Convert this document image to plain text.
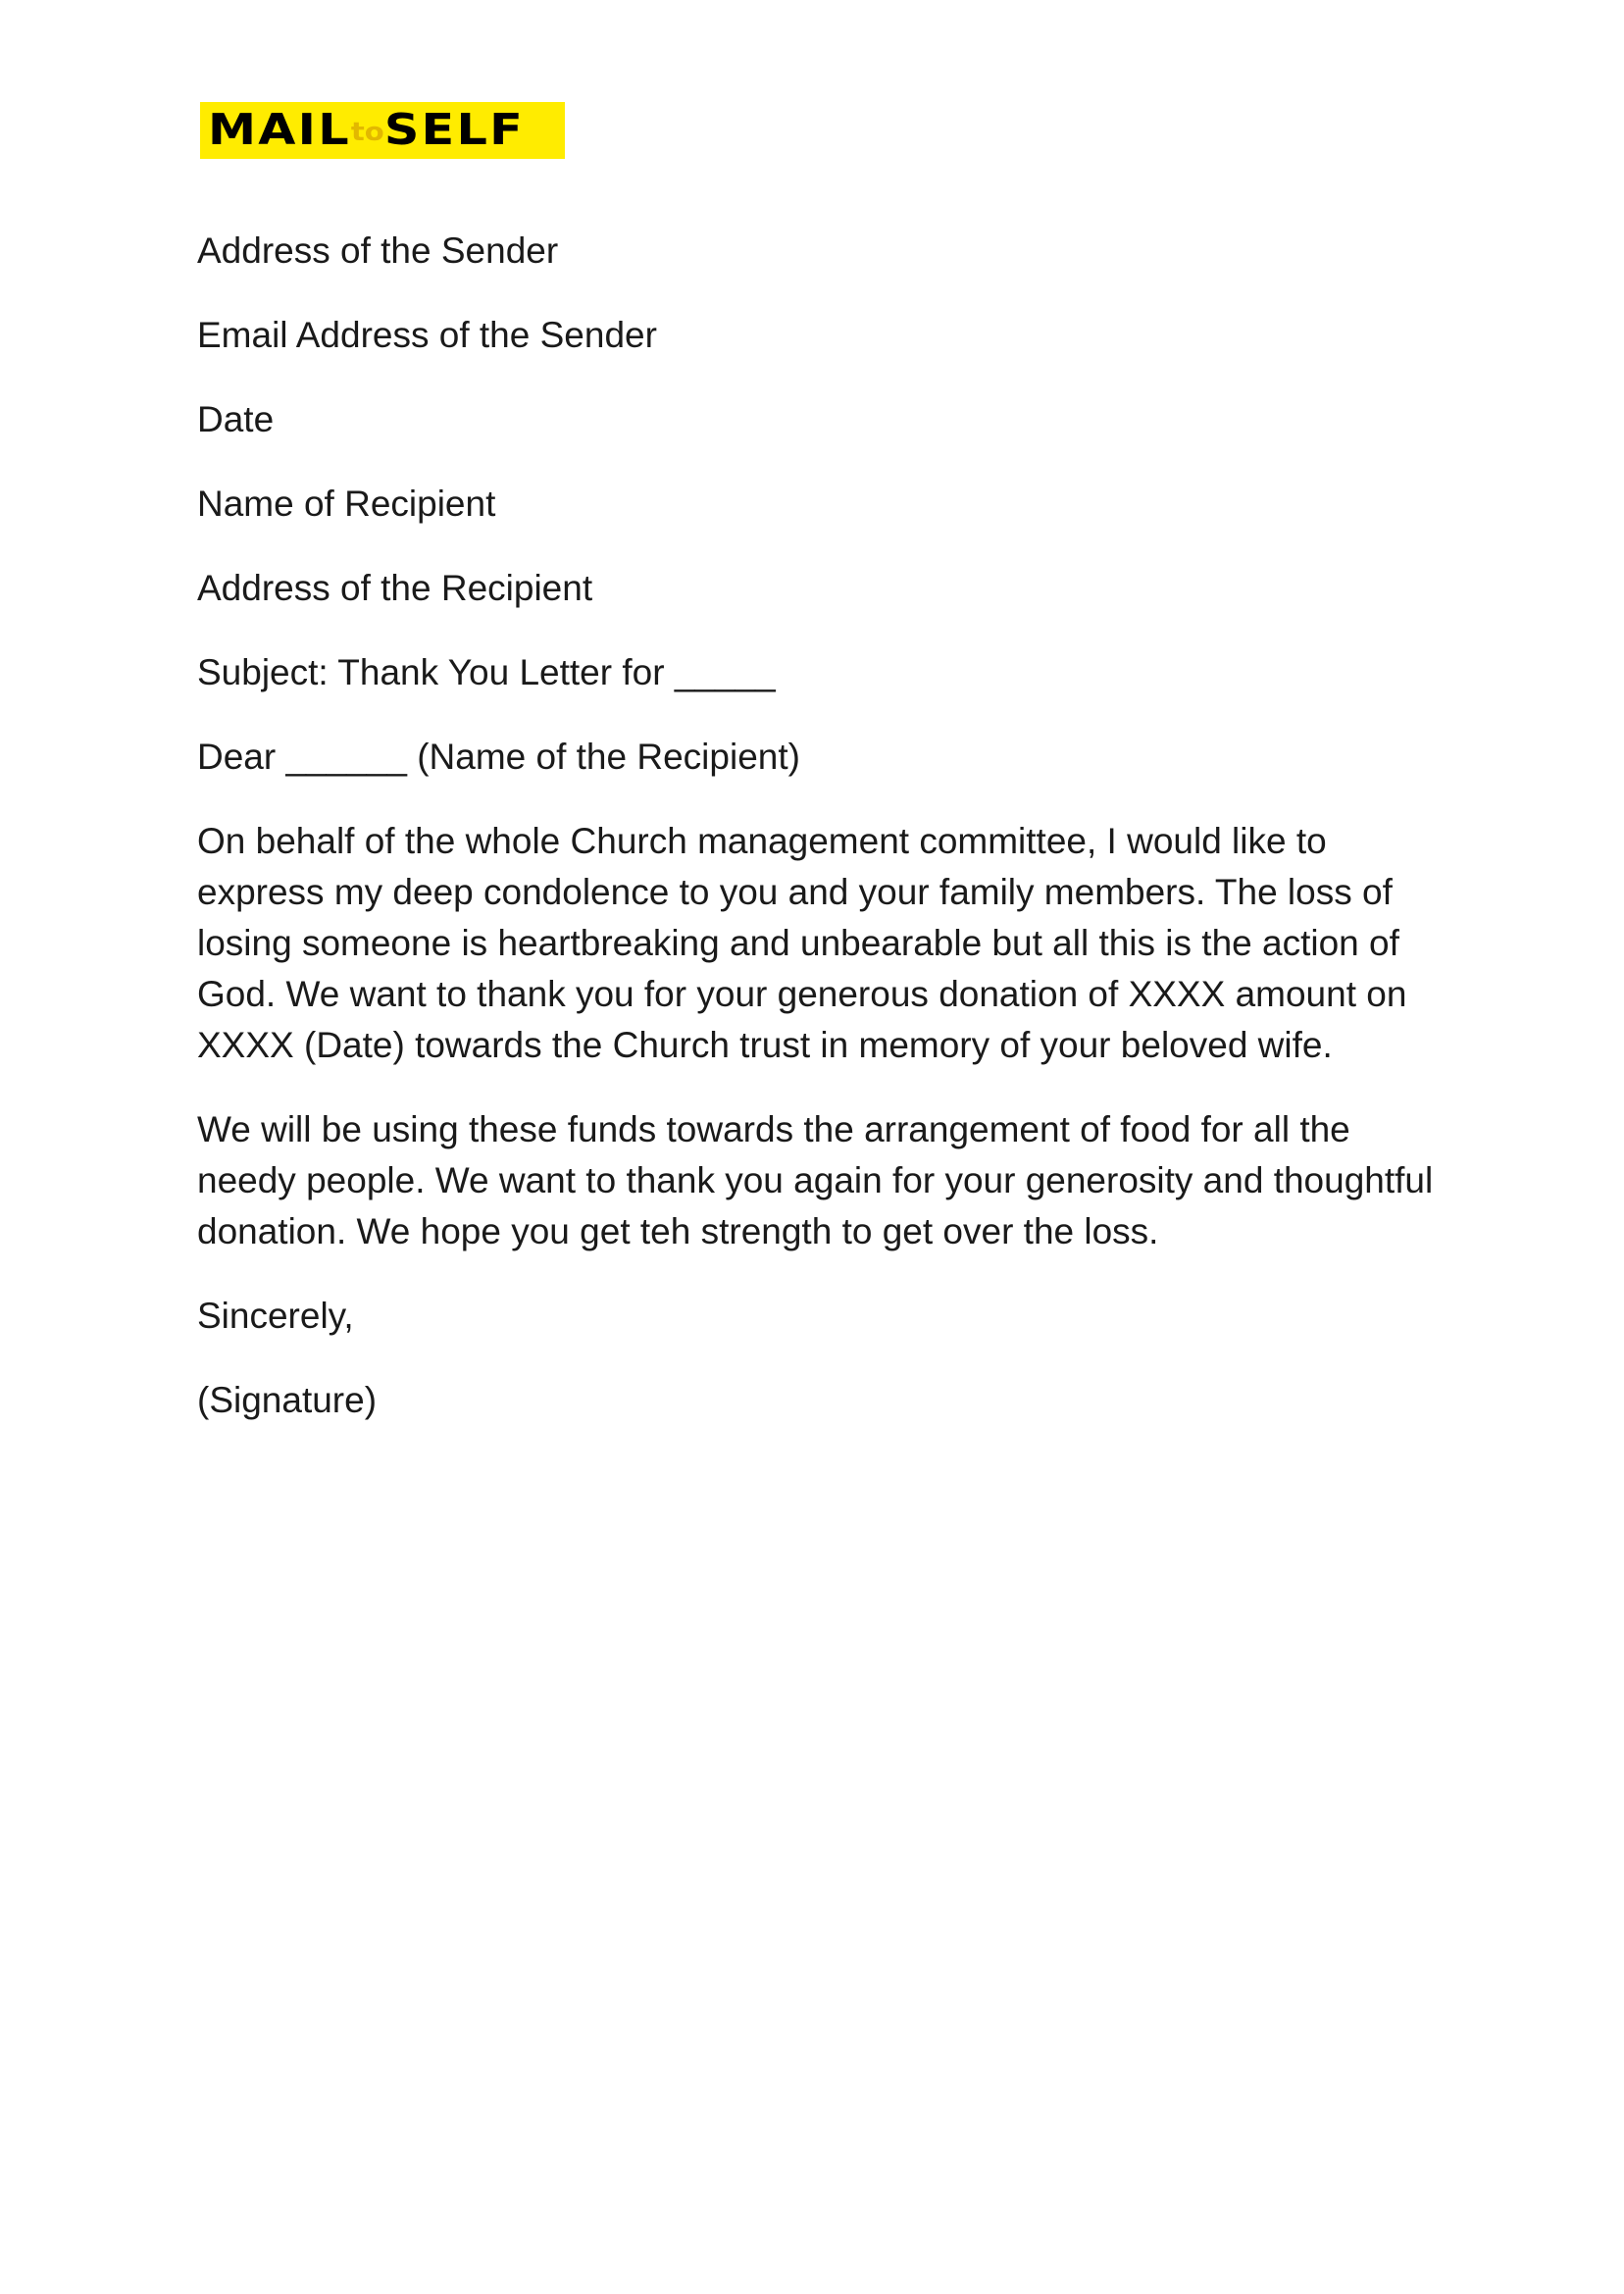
MAILtoSELF
Address of the Sender
Email Address of the Sender
Date
Name of Recipient
Address of the Recipient
Subject: Thank You Letter for _____
Dear ______ (Name of the Recipient)
On behalf of the whole Church management committee, I would like to express my deep condolence to you and your family members. The loss of losing someone is heartbreaking and unbearable but all this is the action of God. We want to thank you for your generous donation of XXXX amount on XXXX (Date) towards the Church trust in memory of your beloved wife.
We will be using these funds towards the arrangement of food for all the needy people. We want to thank you again for your generosity and thoughtful donation. We hope you get teh strength to get over the loss.
Sincerely,
(Signature)
